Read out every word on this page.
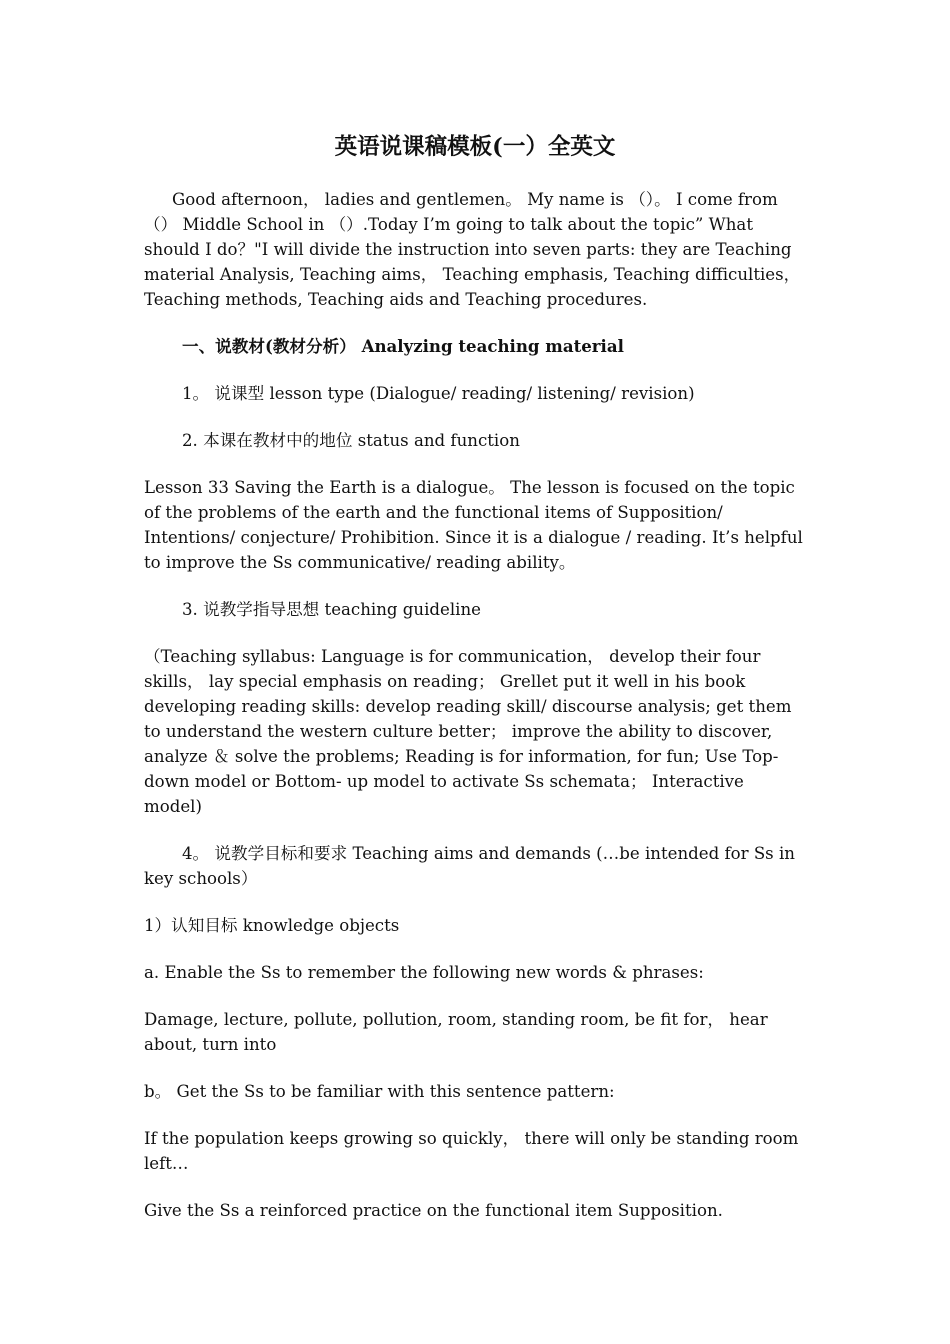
英语说课稿模板(一）全英文

Good afternoon， ladies and gentlemen。 My name is （）。 I come from （） Middle School in （）.Today I’m going to talk about the topic” What should I do？"I will divide the instruction into seven parts: they are Teaching material Analysis, Teaching aims， Teaching emphasis, Teaching difficulties， Teaching methods, Teaching aids and Teaching procedures.

一、说教材(教材分析） Analyzing teaching material

1。 说课型 lesson type (Dialogue/ reading/ listening/ revision)

2. 本课在教材中的地位 status and function

Lesson 33 Saving the Earth is a dialogue。 The lesson is focused on the topic of the problems of the earth and the functional items of Supposition/ Intentions/ conjecture/ Prohibition. Since it is a dialogue / reading. It’s helpful to improve the Ss communicative/ reading ability。

3. 说教学指导思想 teaching guideline

（Teaching syllabus: Language is for communication， develop their four skills， lay special emphasis on reading； Grellet put it well in his book developing reading skills: develop reading skill/ discourse analysis; get them to understand the western culture better； improve the ability to discover, analyze ＆ solve the problems; Reading is for information, for fun; Use Top- down model or Bottom- up model to activate Ss schemata； Interactive model)

4。 说教学目标和要求 Teaching aims and demands (…be intended for Ss in key schools）

1）认知目标 knowledge objects

a. Enable the Ss to remember the following new words & phrases:

Damage, lecture, pollute, pollution, room, standing room, be fit for， hear about, turn into

b。 Get the Ss to be familiar with this sentence pattern:

If the population keeps growing so quickly， there will only be standing room left…

Give the Ss a reinforced practice on the functional item Supposition.
